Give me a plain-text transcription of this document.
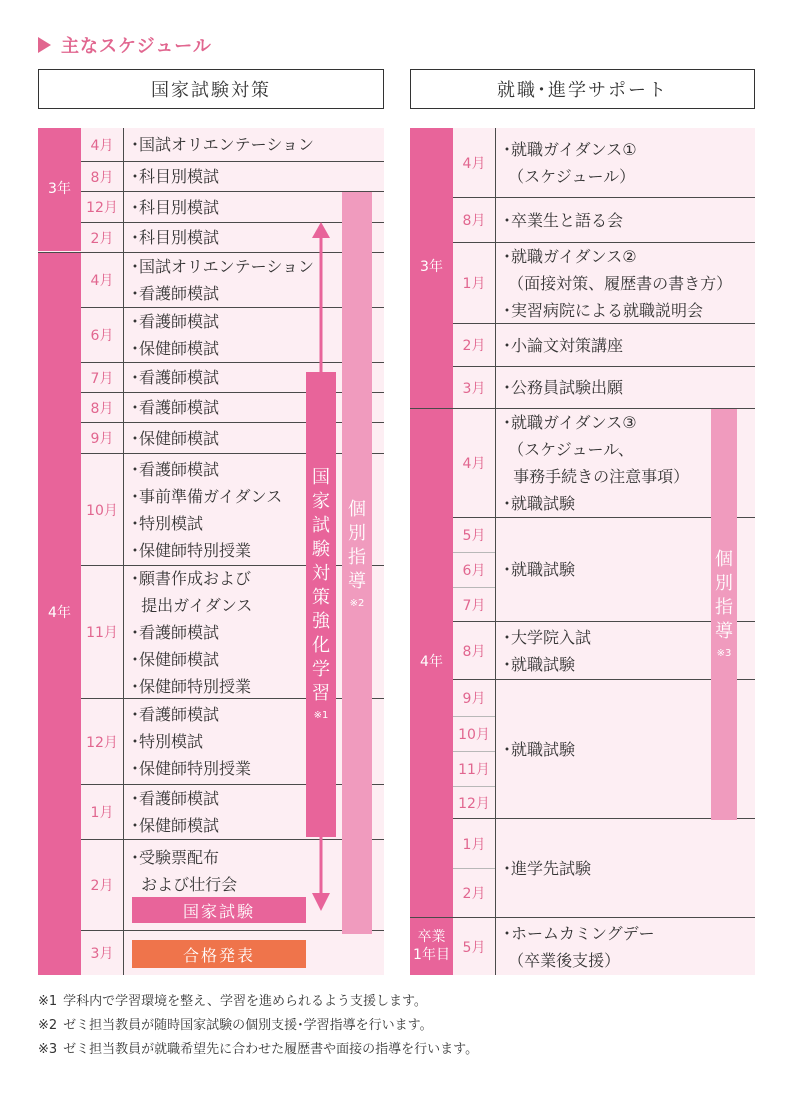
主なスケジュール
国家試験対策	就職･進学サポート
3年
4年
4月
8月
12月
2月
4月
6月
7月
8月
9月
10月
11月
12月
1月
2月
3月
･国試オリエンテーション
･科目別模試
･科目別模試
･科目別模試
･国試オリエンテーション
･看護師模試
･看護師模試
･保健師模試
･看護師模試
･看護師模試
･保健師模試
･看護師模試
･事前準備ガイダンス
･特別模試
･保健師特別授業
･願書作成および
提出ガイダンス
･看護師模試
･保健師模試
･保健師特別授業
･看護師模試
･特別模試
･保健師特別授業
･看護師模試
･保健師模試
･受験票配布
および壮行会
国家試験
合格発表
個
別
指
導
※2
国
家
試
験
対
策
強
化
学
習
※1
3年
4年
卒業
1年目
4月
8月
1月
2月
3月
4月
5月
6月
7月
8月
9月
10月
11月
12月
1月
2月
5月
･就職ガイダンス①
（スケジュール）
･卒業生と語る会
･就職ガイダンス②
（面接対策、履歴書の書き方）
･実習病院による就職説明会
･小論文対策講座
･公務員試験出願
･就職ガイダンス③
（スケジュール、
事務手続きの注意事項）
･就職試験
･就職試験
･大学院入試
･就職試験
･就職試験
･進学先試験
･ホームカミングデー
（卒業後支援）
個
別
指
導
※3
※1 学科内で学習環境を整え、学習を進められるよう支援します。
※2 ゼミ担当教員が随時国家試験の個別支援･学習指導を行います。
※3 ゼミ担当教員が就職希望先に合わせた履歴書や面接の指導を行います。
